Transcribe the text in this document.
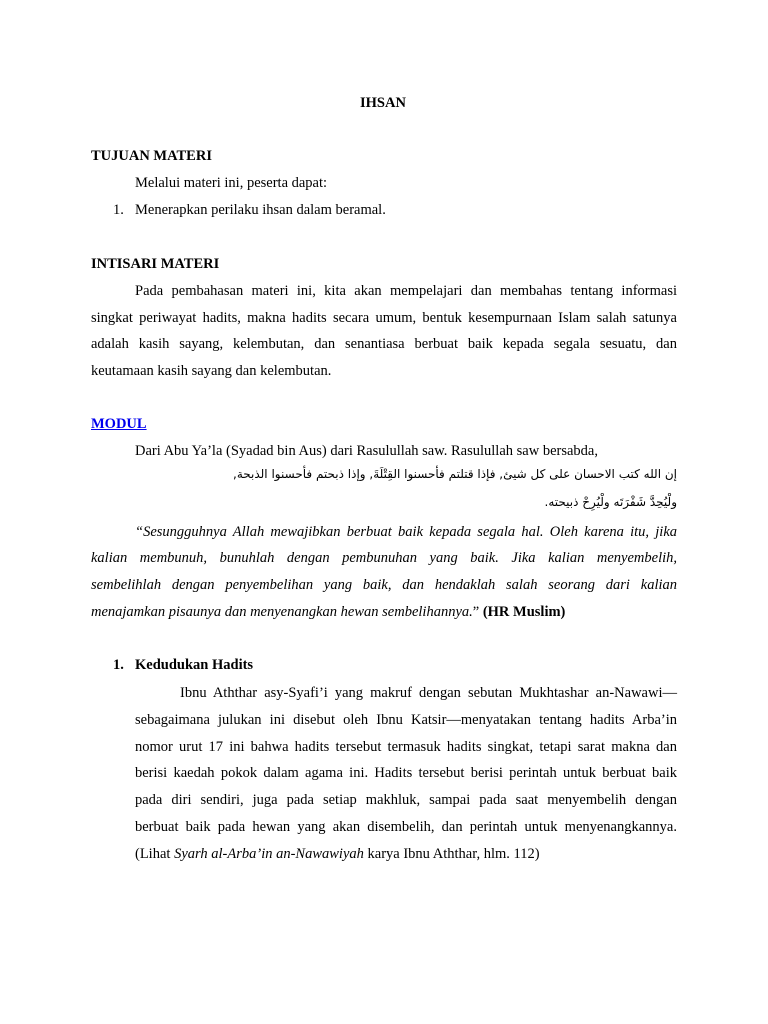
IHSAN
TUJUAN MATERI
Melalui materi ini, peserta dapat:
1. Menerapkan perilaku ihsan dalam beramal.
INTISARI MATERI
Pada pembahasan materi ini, kita akan mempelajari dan membahas tentang informasi
singkat periwayat hadits, makna hadits secara umum, bentuk kesempurnaan Islam salah satunya
adalah kasih sayang, kelembutan, dan senantiasa berbuat baik kepada segala sesuatu, dan
keutamaan kasih sayang dan kelembutan.
MODUL
Dari Abu Ya’la (Syadad bin Aus) dari Rasulullah saw. Rasulullah saw bersabda,
إن الله كتب الاحسان على كل شيئ, فإذا قتلتم فأحسنوا القِتْلَةَ, وإذا ذبحتم فأحسنوا الذبحة,
ولْيُحِدَّ شَفْرَتَه ولْيُرِحْ ذبيحته.
“Sesungguhnya Allah mewajibkan berbuat baik kepada segala hal. Oleh karena itu, jika
kalian membunuh, bunuhlah dengan pembunuhan yang baik. Jika kalian menyembelih,
sembelihlah dengan penyembelihan yang baik, dan hendaklah salah seorang dari kalian
menajamkan pisaunya dan menyenangkan hewan sembelihannya.” (HR Muslim)
1. Kedudukan Hadits
Ibnu Aththar asy-Syafi’i yang makruf dengan sebutan Mukhtashar an-Nawawi—
sebagaimana julukan ini disebut oleh Ibnu Katsir—menyatakan tentang hadits Arba’in
nomor urut 17 ini bahwa hadits tersebut termasuk hadits singkat, tetapi sarat makna dan
berisi kaedah pokok dalam agama ini. Hadits tersebut berisi perintah untuk berbuat baik
pada diri sendiri, juga pada setiap makhluk, sampai pada saat menyembelih dengan
berbuat baik pada hewan yang akan disembelih, dan perintah untuk menyenangkannya.
(Lihat Syarh al-Arba’in an-Nawawiyah karya Ibnu Aththar, hlm. 112)
